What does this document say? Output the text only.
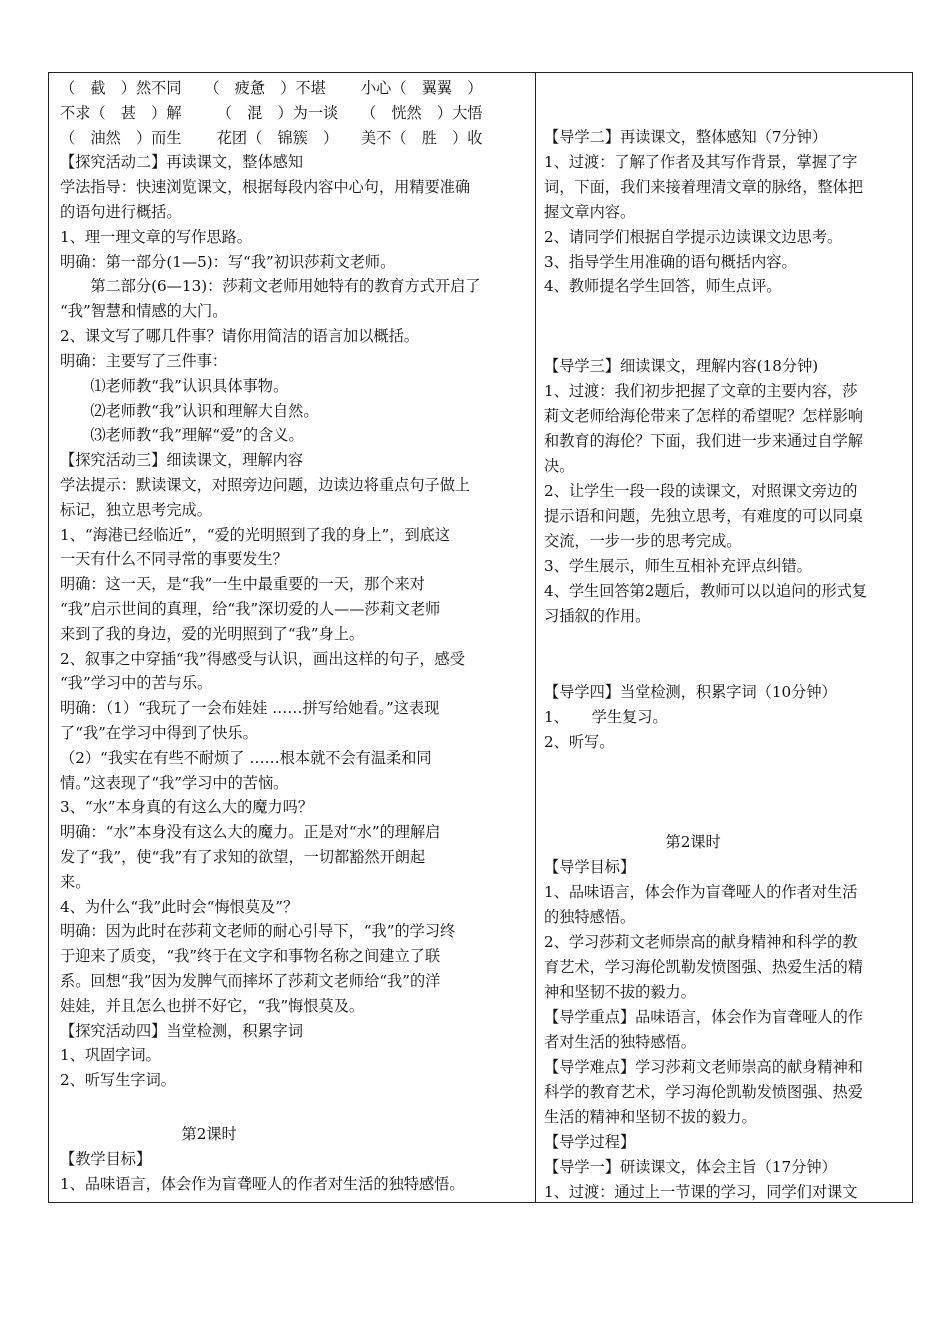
（　截　）然不同　　（　疲惫　）不堪　　 小心（　翼翼　）

不求（　甚　）解　　 （　混　）为一谈　　（　恍然　）大悟

（　油然　）而生　　 花团（　锦簇　）　　美不（　胜　）收

【探究活动二】再读课文，整体感知

学法指导：快速浏览课文，根据每段内容中心句，用精要准确

的语句进行概括。

1、理一理文章的写作思路。

明确：第一部分(1—5)：写“我”初识莎莉文老师。

　　第二部分(6—13)：莎莉文老师用她特有的教育方式开启了

“我”智慧和情感的大门。

2、课文写了哪几件事？请你用简洁的语言加以概括。

明确：主要写了三件事：

　　⑴老师教“我”认识具体事物。

　　⑵老师教“我”认识和理解大自然。

　　⑶老师教“我”理解“爱”的含义。

【探究活动三】细读课文，理解内容

学法提示：默读课文，对照旁边问题，边读边将重点句子做上

标记，独立思考完成。

1、“海港已经临近”，“爱的光明照到了我的身上”，到底这

一天有什么不同寻常的事要发生？

明确：这一天，是“我”一生中最重要的一天，那个来对

“我”启示世间的真理，给“我”深切爱的人——莎莉文老师

来到了我的身边，爱的光明照到了“我”身上。

2、叙事之中穿插“我”得感受与认识，画出这样的句子，感受

“我”学习中的苦与乐。

明确：（1）“我玩了一会布娃娃 ……拼写给她看。”这表现

了“我”在学习中得到了快乐。

（2）“我实在有些不耐烦了 ……根本就不会有温柔和同

情。”这表现了“我”学习中的苦恼。

3、“水”本身真的有这么大的魔力吗？

明确：“水”本身没有这么大的魔力。正是对“水”的理解启

发了“我”，使“我”有了求知的欲望，一切都豁然开朗起

来。

4、为什么“我”此时会“悔恨莫及”？

明确：因为此时在莎莉文老师的耐心引导下，“我”的学习终

于迎来了质变，“我”终于在文字和事物名称之间建立了联

系。回想“我”因为发脾气而摔坏了莎莉文老师给“我”的洋

娃娃，并且怎么也拼不好它，“我”悔恨莫及。

【探究活动四】当堂检测，积累字词

1、巩固字词。

2、听写生字词。

　　　　　　　　第2课时

【教学目标】

1、品味语言，体会作为盲聋哑人的作者对生活的独特感悟。

【导学二】再读课文，整体感知（7分钟）

1、过渡：了解了作者及其写作背景，掌握了字

词，下面，我们来接着理清文章的脉络，整体把

握文章内容。

2、请同学们根据自学提示边读课文边思考。

3、指导学生用准确的语句概括内容。

4、教师提名学生回答，师生点评。

【导学三】细读课文，理解内容(18分钟)

1、过渡：我们初步把握了文章的主要内容，莎

莉文老师给海伦带来了怎样的希望呢？怎样影响

和教育的海伦？下面，我们进一步来通过自学解

决。

2、让学生一段一段的读课文，对照课文旁边的

提示语和问题，先独立思考，有难度的可以同桌

交流，一步一步的思考完成。

3、学生展示，师生互相补充评点纠错。

4、学生回答第2题后，教师可以以追问的形式复

习插叙的作用。

【导学四】当堂检测，积累字词（10分钟）

1、　　学生复习。

2、听写。

　　　　　　　　第2课时

【导学目标】

1、品味语言，体会作为盲聋哑人的作者对生活

的独特感悟。

2、学习莎莉文老师崇高的献身精神和科学的教

育艺术，学习海伦凯勒发愤图强、热爱生活的精

神和坚韧不拔的毅力。

【导学重点】品味语言，体会作为盲聋哑人的作

者对生活的独特感悟。

【导学难点】学习莎莉文老师崇高的献身精神和

科学的教育艺术，学习海伦凯勒发愤图强、热爱

生活的精神和坚韧不拔的毅力。

【导学过程】

【导学一】研读课文，体会主旨（17分钟）

1、过渡：通过上一节课的学习，同学们对课文
